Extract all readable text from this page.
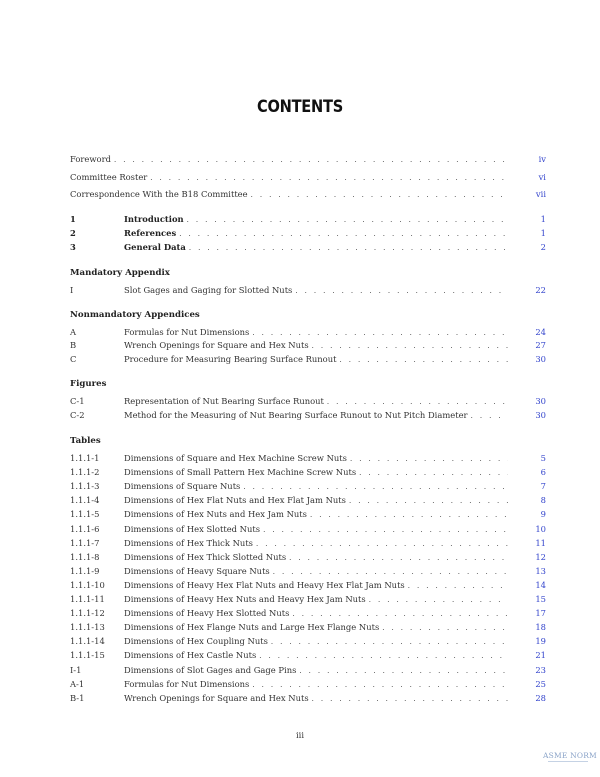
CONTENTS
Foreword . . .	iv
Committee Roster . . .	vi
Correspondence With the B18 Committee . . .	vii
1	Introduction . . .	1
2	References . . .	1
3	General Data . . .	2
Mandatory Appendix
I	Slot Gages and Gaging for Slotted Nuts . . .	22
Nonmandatory Appendices
A	Formulas for Nut Dimensions . . .	24
B	Wrench Openings for Square and Hex Nuts . . .	27
C	Procedure for Measuring Bearing Surface Runout . . .	30
Figures
C-1	Representation of Nut Bearing Surface Runout . . .	30
C-2	Method for the Measuring of Nut Bearing Surface Runout to Nut Pitch Diameter . . .	30
Tables
1.1.1-1	Dimensions of Square and Hex Machine Screw Nuts . . .	5
1.1.1-2	Dimensions of Small Pattern Hex Machine Screw Nuts . . .	6
1.1.1-3	Dimensions of Square Nuts . . .	7
1.1.1-4	Dimensions of Hex Flat Nuts and Hex Flat Jam Nuts . . .	8
1.1.1-5	Dimensions of Hex Nuts and Hex Jam Nuts . . .	9
1.1.1-6	Dimensions of Hex Slotted Nuts . . .	10
1.1.1-7	Dimensions of Hex Thick Nuts . . .	11
1.1.1-8	Dimensions of Hex Thick Slotted Nuts . . .	12
1.1.1-9	Dimensions of Heavy Square Nuts . . .	13
1.1.1-10	Dimensions of Heavy Hex Flat Nuts and Heavy Hex Flat Jam Nuts . . .	14
1.1.1-11	Dimensions of Heavy Hex Nuts and Heavy Hex Jam Nuts . . .	15
1.1.1-12	Dimensions of Heavy Hex Slotted Nuts . . .	17
1.1.1-13	Dimensions of Hex Flange Nuts and Large Hex Flange Nuts . . .	18
1.1.1-14	Dimensions of Hex Coupling Nuts . . .	19
1.1.1-15	Dimensions of Hex Castle Nuts . . .	21
I-1	Dimensions of Slot Gages and Gage Pins . . .	23
A-1	Formulas for Nut Dimensions . . .	25
B-1	Wrench Openings for Square and Hex Nuts . . .	28
iii
ASME NORM
